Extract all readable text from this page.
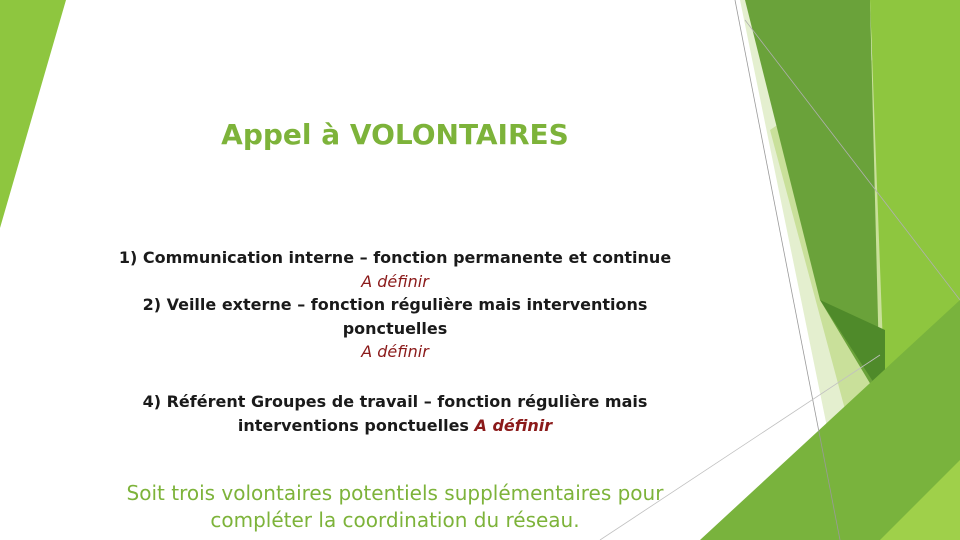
Appel à VOLONTAIRES
1) Communication interne – fonction permanente et continue
A définir
2) Veille externe – fonction régulière mais interventions
ponctuelles
A définir
4) Référent Groupes de travail – fonction régulière mais
interventions ponctuelles A définir
Soit trois volontaires potentiels supplémentaires pour
compléter la coordination du réseau.
